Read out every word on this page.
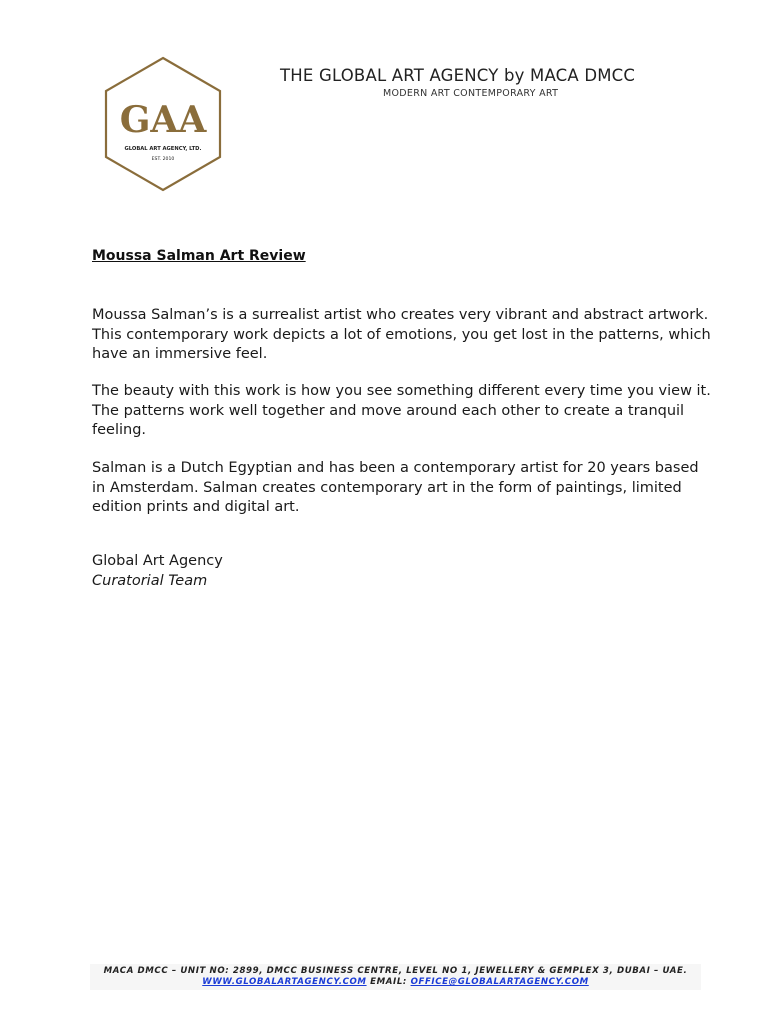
GAA
GLOBAL ART AGENCY, LTD.
EST. 2010
THE GLOBAL ART AGENCY by MACA DMCC
MODERN ART CONTEMPORARY ART
Moussa Salman Art Review

Moussa Salman’s is a surrealist artist who creates very vibrant and abstract artwork. This contemporary work depicts a lot of emotions, you get lost in the patterns, which have an immersive feel.

The beauty with this work is how you see something different every time you view it. The patterns work well together and move around each other to create a tranquil feeling.

Salman is a Dutch Egyptian and has been a contemporary artist for 20 years based in Amsterdam. Salman creates contemporary art in the form of paintings, limited edition prints and digital art.

Global Art Agency
Curatorial Team
MACA DMCC – UNIT NO: 2899, DMCC BUSINESS CENTRE, LEVEL NO 1, JEWELLERY & GEMPLEX 3, DUBAI – UAE.
WWW.GLOBALARTAGENCY.COM EMAIL: OFFICE@GLOBALARTAGENCY.COM
